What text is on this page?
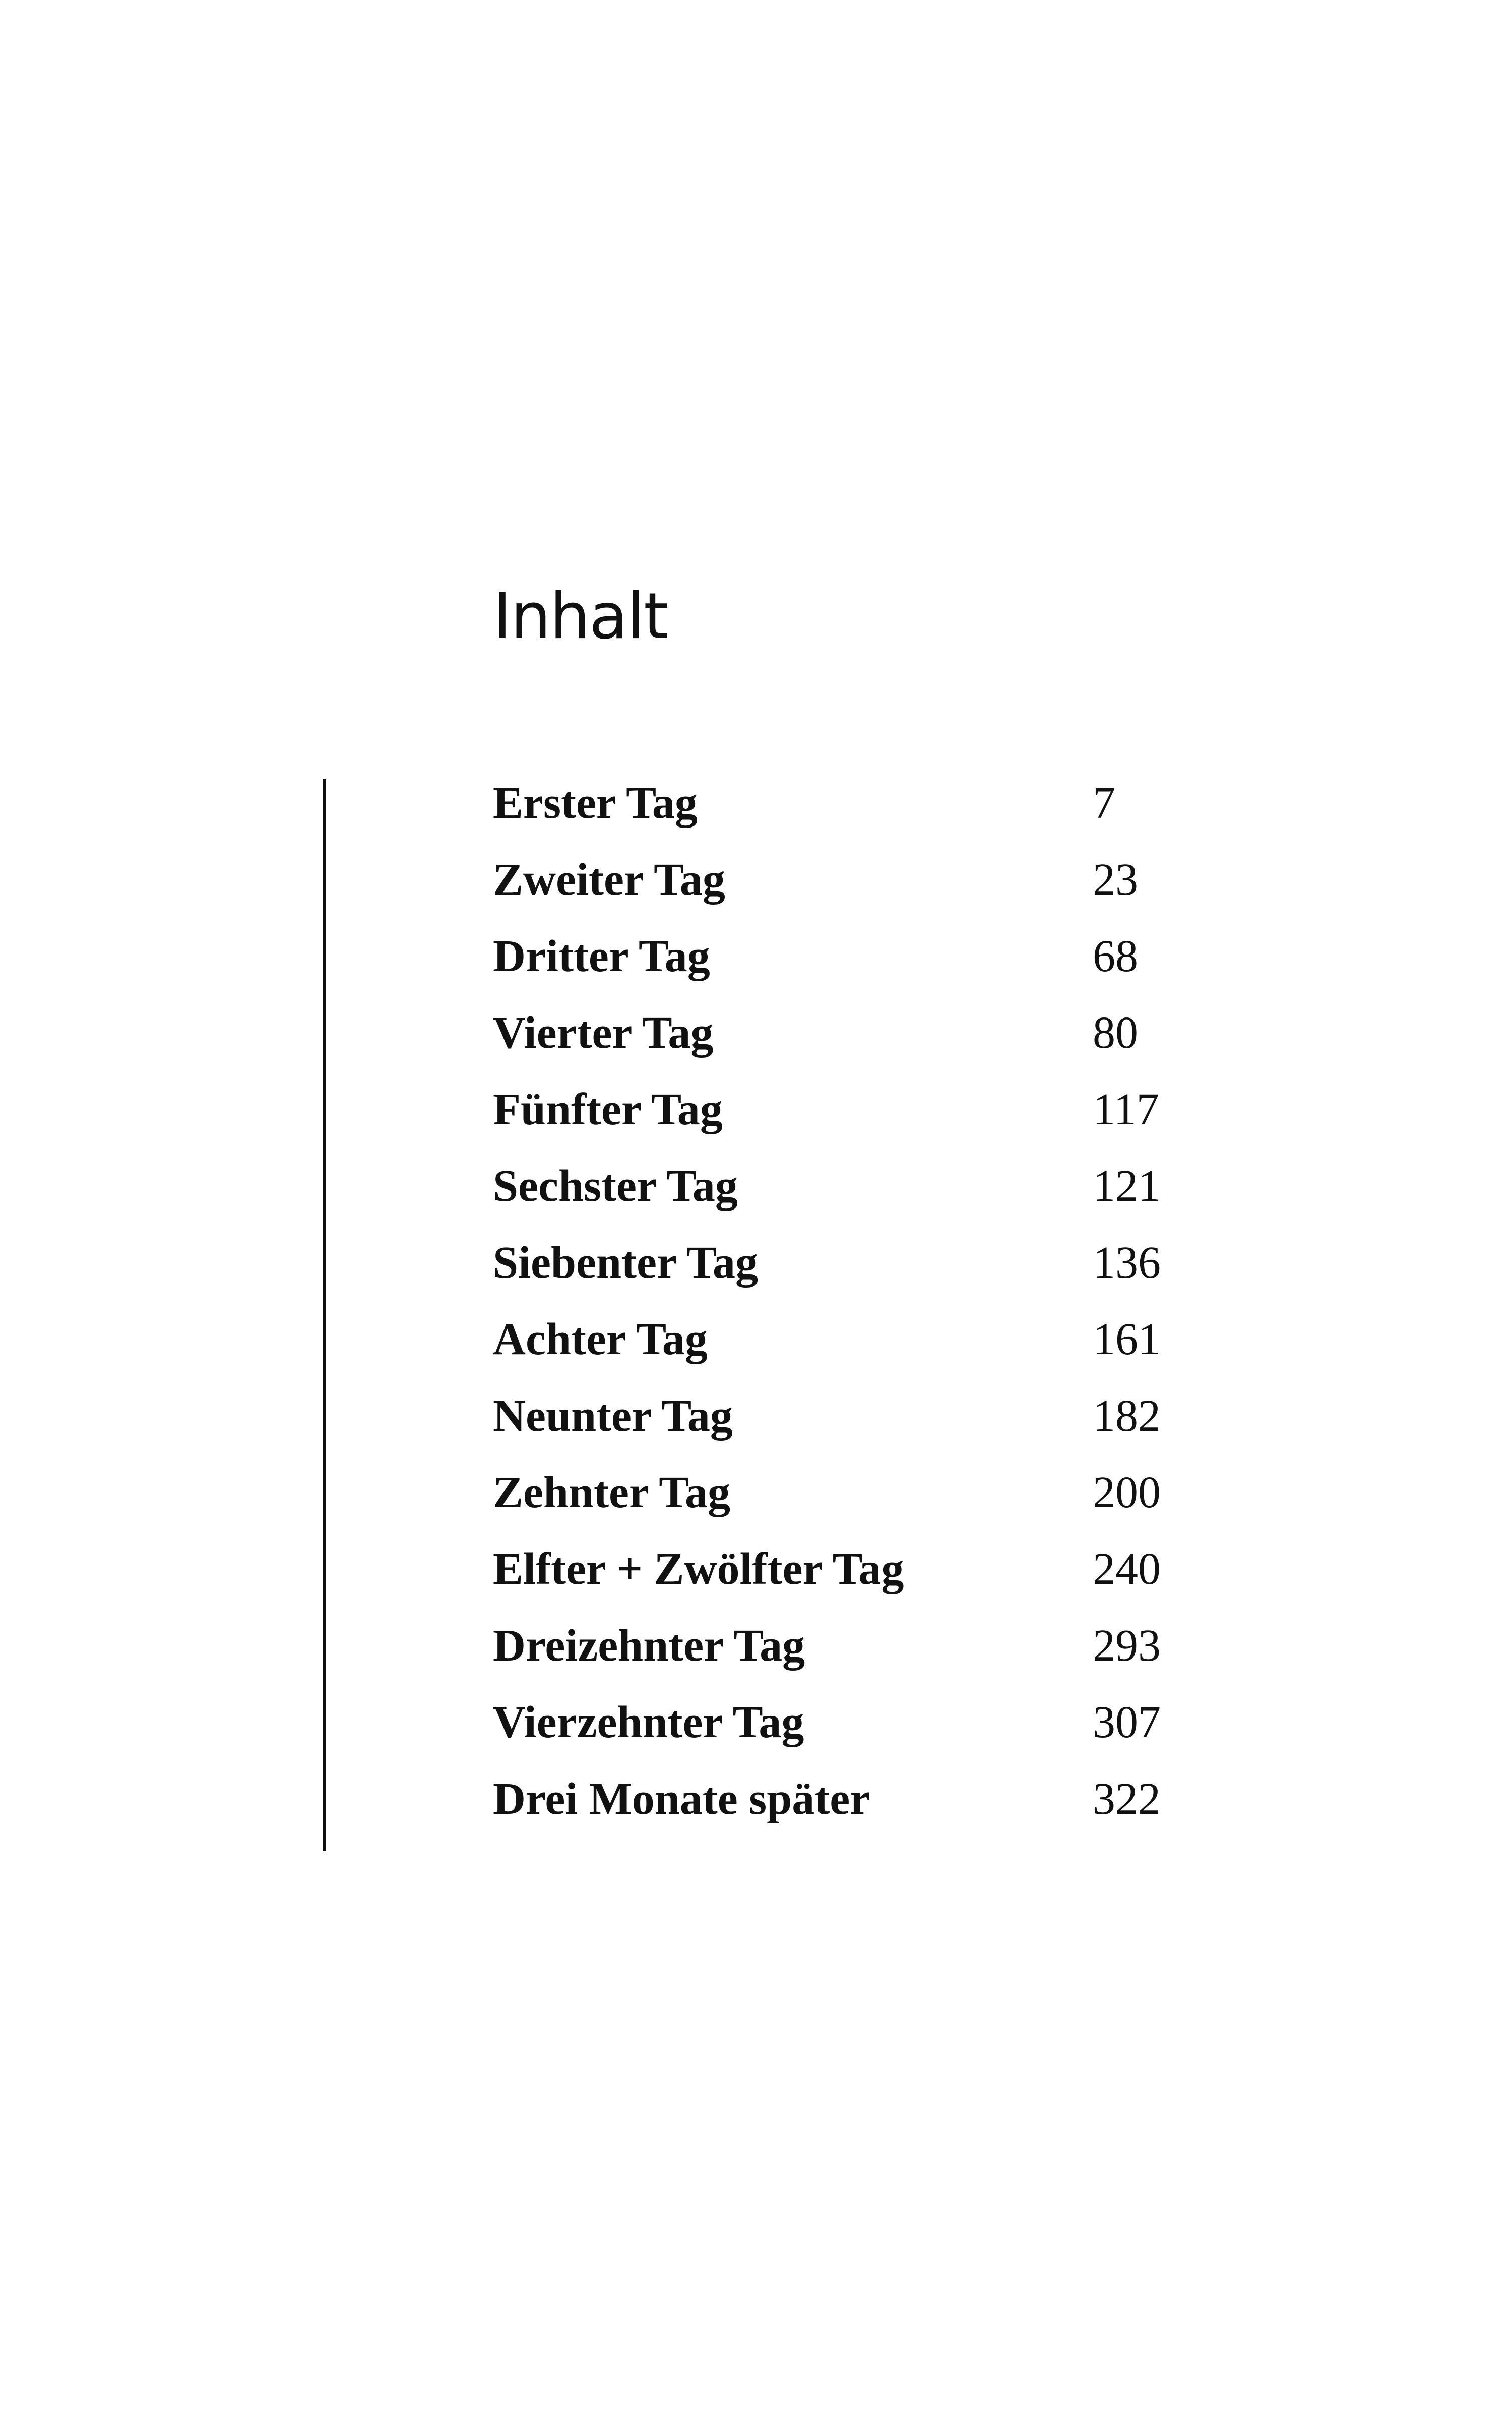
Inhalt
Erster Tag	7
Zweiter Tag	23
Dritter Tag	68
Vierter Tag	80
Fünfter Tag	117
Sechster Tag	121
Siebenter Tag	136
Achter Tag	161
Neunter Tag	182
Zehnter Tag	200
Elfter + Zwölfter Tag	240
Dreizehnter Tag	293
Vierzehnter Tag	307
Drei Monate später	322
